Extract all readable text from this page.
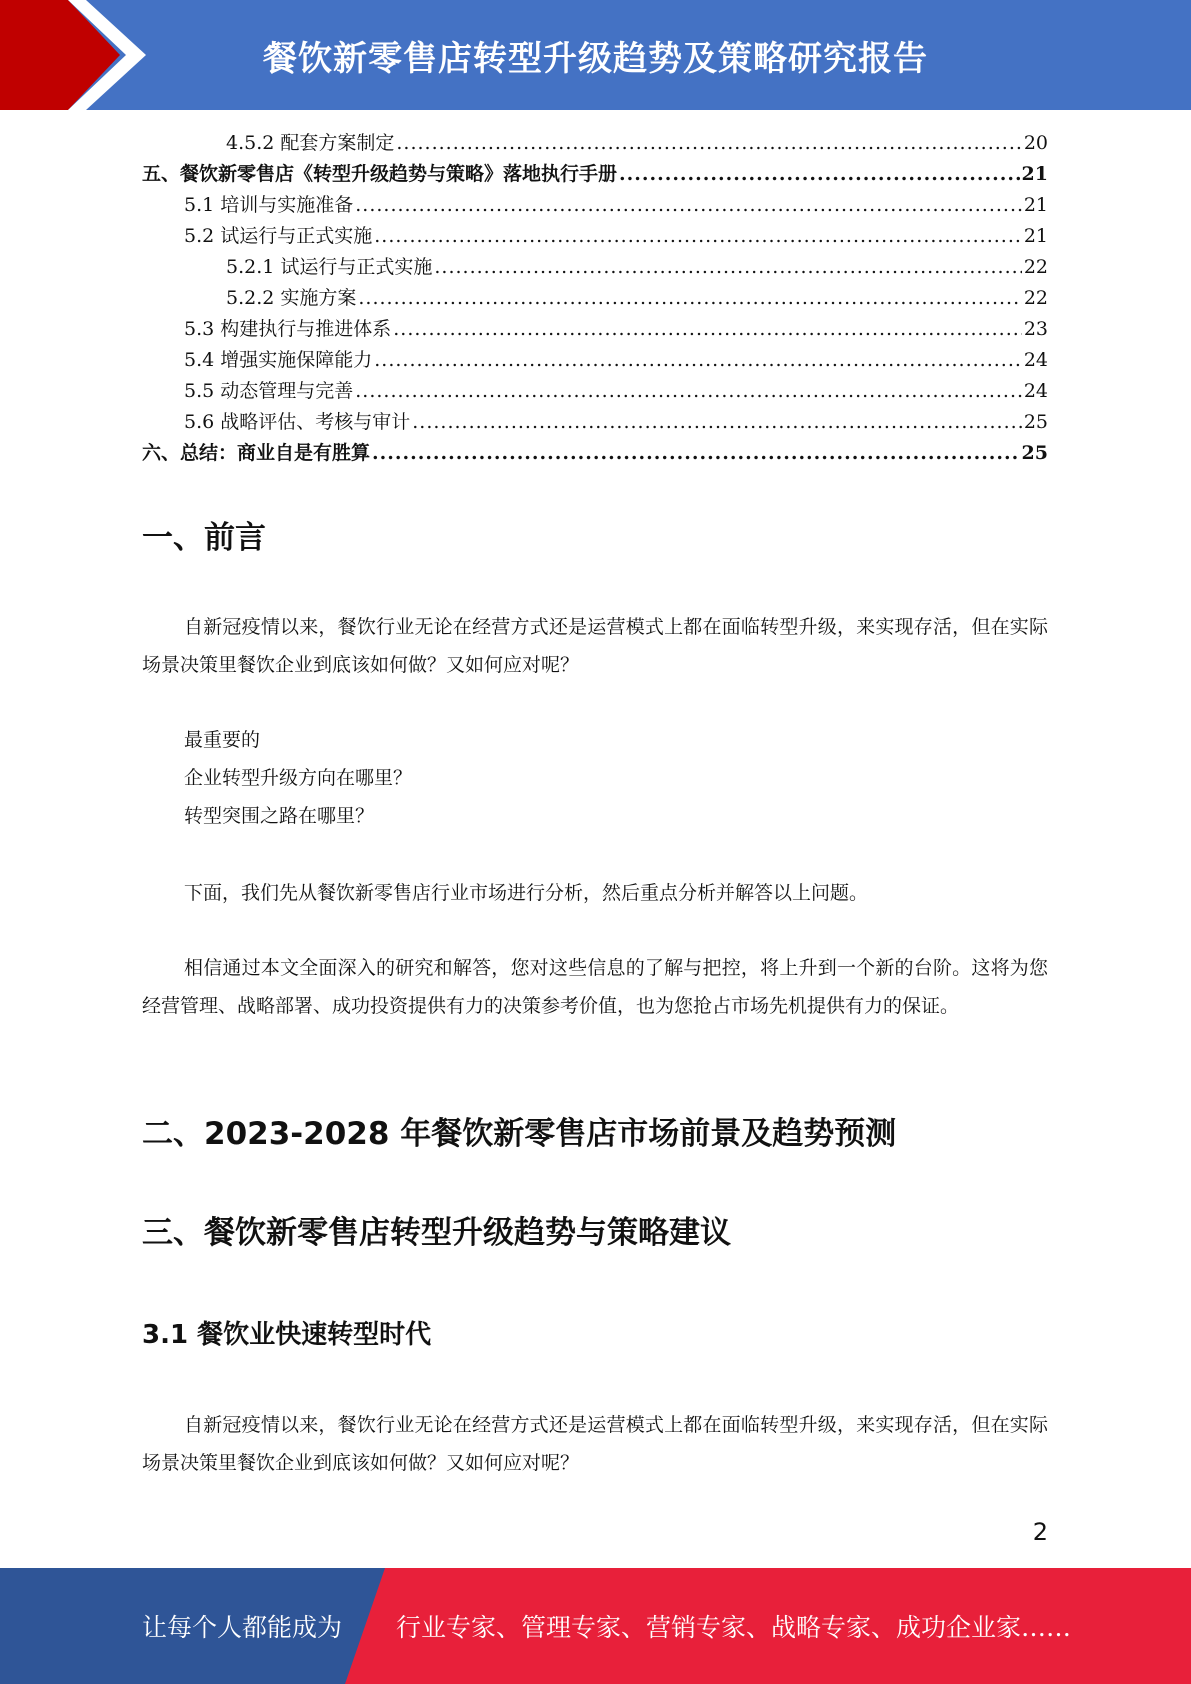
餐饮新零售店转型升级趋势及策略研究报告
4.5.2 配套方案制定 .....	20
五、餐饮新零售店《转型升级趋势与策略》落地执行手册 .....	21
5.1 培训与实施准备 .....	21
5.2 试运行与正式实施 .....	21
5.2.1 试运行与正式实施 .....	22
5.2.2 实施方案 .....	22
5.3 构建执行与推进体系 .....	23
5.4 增强实施保障能力 .....	24
5.5 动态管理与完善 .....	24
5.6 战略评估、考核与审计 .....	25
六、总结：商业自是有胜算 .....	25
一、前言

自新冠疫情以来，餐饮行业无论在经营方式还是运营模式上都在面临转型升级，来实现存活，但在实际场景决策里餐饮企业到底该如何做？又如何应对呢？

最重要的
企业转型升级方向在哪里？
转型突围之路在哪里？

下面，我们先从餐饮新零售店行业市场进行分析，然后重点分析并解答以上问题。

相信通过本文全面深入的研究和解答，您对这些信息的了解与把控，将上升到一个新的台阶。这将为您经营管理、战略部署、成功投资提供有力的决策参考价值，也为您抢占市场先机提供有力的保证。

二、2023-2028 年餐饮新零售店市场前景及趋势预测
三、餐饮新零售店转型升级趋势与策略建议
3.1 餐饮业快速转型时代

自新冠疫情以来，餐饮行业无论在经营方式还是运营模式上都在面临转型升级，来实现存活，但在实际场景决策里餐饮企业到底该如何做？又如何应对呢？

2
让每个人都能成为 行业专家、管理专家、营销专家、战略专家、成功企业家……
